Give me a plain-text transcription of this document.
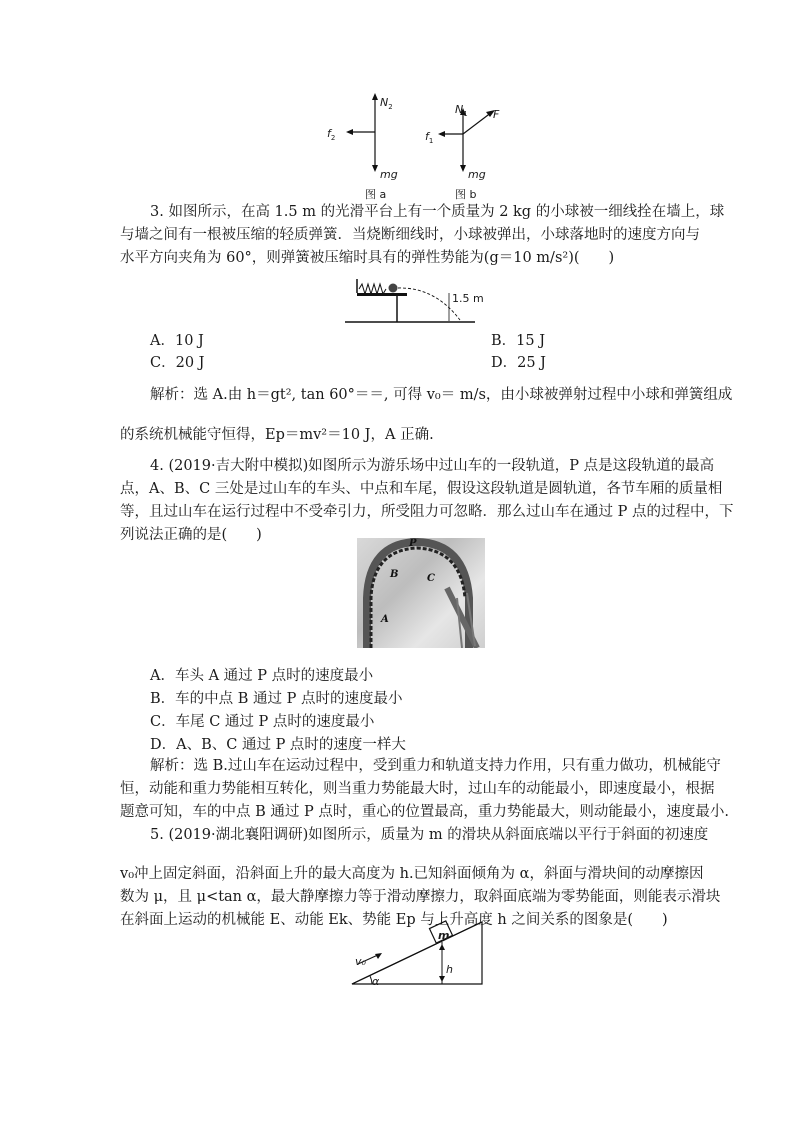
$N_2$
$f_2$
mg
图 a
$N_1$ F
$f_1$
mg
图 b
3. 如图所示，在高 1.5 m 的光滑平台上有一个质量为 2 kg 的小球被一细线拴在墙上，球
与墙之间有一根被压缩的轻质弹簧．当烧断细线时，小球被弹出，小球落地时的速度方向与
水平方向夹角为 60°，则弹簧被压缩时具有的弹性势能为(g＝10 m/s²)(　　)
1.5 m
A．10 J	B．15 J
C．20 J	D．25 J
解析：选 A.由 h＝gt², tan 60°＝＝, 可得 v₀＝ m/s，由小球被弹射过程中小球和弹簧组成
的系统机械能守恒得，Ep＝mv²＝10 J，A 正确.
4. (2019·吉大附中模拟)如图所示为游乐场中过山车的一段轨道，P 点是这段轨道的最高
点，A、B、C 三处是过山车的车头、中点和车尾，假设这段轨道是圆轨道，各节车厢的质量相
等，且过山车在运行过程中不受牵引力，所受阻力可忽略．那么过山车在通过 P 点的过程中，下
列说法正确的是(　　)
P
B	C
A
A．车头 A 通过 P 点时的速度最小
B．车的中点 B 通过 P 点时的速度最小
C．车尾 C 通过 P 点时的速度最小
D．A、B、C 通过 P 点时的速度一样大
解析：选 B.过山车在运动过程中，受到重力和轨道支持力作用，只有重力做功，机械能守
恒，动能和重力势能相互转化，则当重力势能最大时，过山车的动能最小，即速度最小，根据
题意可知，车的中点 B 通过 P 点时，重心的位置最高，重力势能最大，则动能最小，速度最小.
5. (2019·湖北襄阳调研)如图所示，质量为 m 的滑块从斜面底端以平行于斜面的初速度
v₀冲上固定斜面，沿斜面上升的最大高度为 h.已知斜面倾角为 α，斜面与滑块间的动摩擦因
数为 μ，且 μ<tan α，最大静摩擦力等于滑动摩擦力，取斜面底端为零势能面，则能表示滑块
在斜面上运动的机械能 E、动能 Ek、势能 Ep 与上升高度 h 之间关系的图象是(　　)
m
h
v₀
α
